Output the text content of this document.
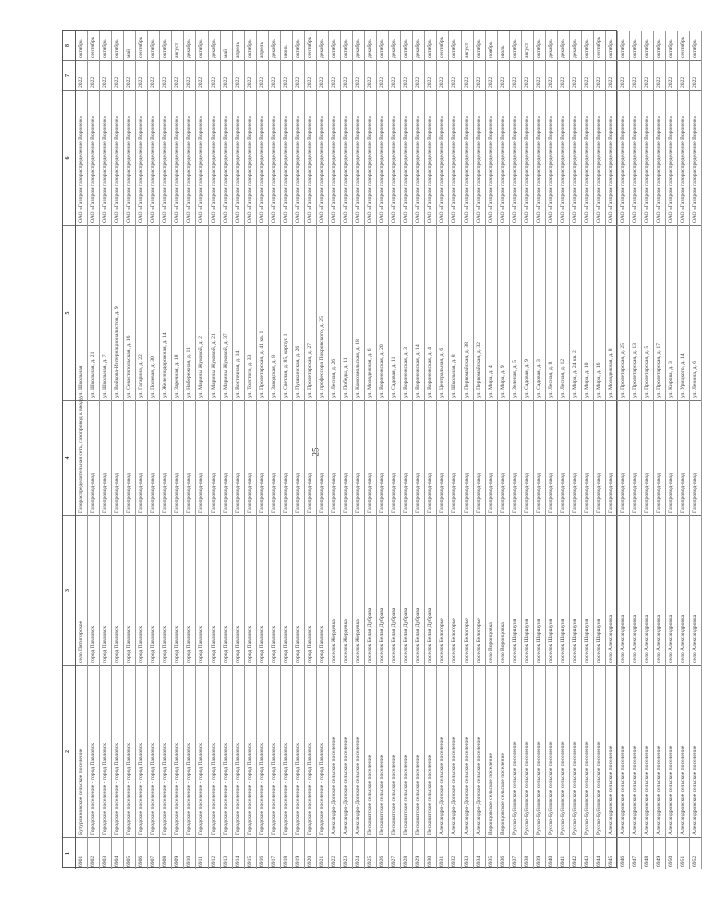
25
1
2
3
4
5
6
7
8
6901
Бутурлиновское сельское поселение
село Пятигорское
Газораспределительная сеть, газопровод к вводу
ул. Школьная
ОАО «Газпром газораспределение Воронеж»
2022
октябрь
6902
Городское поселение - город Павловск
город Павловск
Газопровод-ввод
ул. Школьная, д. 21
ОАО «Газпром газораспределение Воронеж»
2022
сентябрь
6903
Городское поселение - город Павловск
город Павловск
Газопровод-ввод
ул. Школьная, д. 7
ОАО «Газпром газораспределение Воронеж»
2022
октябрь
6904
Городское поселение - город Павловск
город Павловск
Газопровод-ввод
ул. Войкова-Интернационалистов, д. 9
ОАО «Газпром газораспределение Воронеж»
2022
октябрь
6905
Городское поселение - город Павловск
город Павловск
Газопровод-ввод
ул. Севастопольская, д. 16
ОАО «Газпром газораспределение Воронеж»
2022
май
6906
Городское поселение - город Павловск
город Павловск
Газопровод-ввод
ул. Гагарина, д. 22
ОАО «Газпром газораспределение Воронеж»
2022
сентябрь
6907
Городское поселение - город Павловск
город Павловск
Газопровод-ввод
ул. Полевая, д. 30
ОАО «Газпром газораспределение Воронеж»
2022
октябрь
6908
Городское поселение - город Павловск
город Павловск
Газопровод-ввод
ул. Железнодорожная, д. 14
ОАО «Газпром газораспределение Воронеж»
2022
октябрь
6909
Городское поселение - город Павловск
город Павловск
Газопровод-ввод
ул. Заречная, д. 18
ОАО «Газпром газораспределение Воронеж»
2022
август
6910
Городское поселение - город Павловск
город Павловск
Газопровод-ввод
ул. Набережная, д. 11
ОАО «Газпром газораспределение Воронеж»
2022
декабрь
6911
Городское поселение - город Павловск
город Павловск
Газопровод-ввод
ул. Марины Жуковой, д. 2
ОАО «Газпром газораспределение Воронеж»
2022
октябрь
6912
Городское поселение - город Павловск
город Павловск
Газопровод-ввод
ул. Марины Жуковой, д. 21
ОАО «Газпром газораспределение Воронеж»
2022
декабрь
6913
Городское поселение - город Павловск
город Павловск
Газопровод-ввод
ул. Марины Жуковой, д. 37
ОАО «Газпром газораспределение Воронеж»
2022
май
6914
Городское поселение - город Павловск
город Павловск
Газопровод-ввод
ул. Восточная, д. 14
ОАО «Газпром газораспределение Воронеж»
2022
апрель
6915
Городское поселение - город Павловск
город Павловск
Газопровод-ввод
ул. Толстого, д. 33
ОАО «Газпром газораспределение Воронеж»
2022
октябрь
6916
Городское поселение - город Павловск
город Павловск
Газопровод-ввод
ул. Пролетарская, д. 41 кв. 1
ОАО «Газпром газораспределение Воронеж»
2022
апрель
6917
Городское поселение - город Павловск
город Павловск
Газопровод-ввод
ул. Заводская, д. 8
ОАО «Газпром газораспределение Воронеж»
2022
декабрь
6918
Городское поселение - город Павловск
город Павловск
Газопровод-ввод
ул. Светлая, д. 85, корпус 1
ОАО «Газпром газораспределение Воронеж»
2022
июнь
6919
Городское поселение - город Павловск
город Павловск
Газопровод-ввод
ул. Пушкинская, д. 26
ОАО «Газпром газораспределение Воронеж»
2022
октябрь
6920
Городское поселение - город Павловск
город Павловск
Газопровод-ввод
ул. Пролетарская, д. 27
ОАО «Газпром газораспределение Воронеж»
2022
сентябрь
6921
Городское поселение - город Павловск
город Павловск
Газопровод-ввод
ул. профессора Покровского, д. 25
ОАО «Газпром газораспределение Воронеж»
2022
декабрь
6922
Александро-Донское сельское поселение
поселок Жердевка
Газопровод-ввод
ул. Лесная, д. 26
ОАО «Газпром газораспределение Воронеж»
2022
октябрь
6923
Александро-Донское сельское поселение
поселок Жердевка
Газопровод-ввод
ул. Победы, д. 11
ОАО «Газпром газораспределение Воронеж»
2022
октябрь
6924
Александро-Донское сельское поселение
поселок Жердевка
Газопровод-ввод
ул. Комсомольская, д. 18
ОАО «Газпром газораспределение Воронеж»
2022
декабрь
6925
Песковатское сельское поселение
поселок Белая Дубрава
Газопровод-ввод
ул. Молодежная, д. 6
ОАО «Газпром газораспределение Воронеж»
2022
декабрь
6926
Песковатское сельское поселение
поселок Белая Дубрава
Газопровод-ввод
ул. Воронежская, д. 20
ОАО «Газпром газораспределение Воронеж»
2022
октябрь
6927
Песковатское сельское поселение
поселок Белая Дубрава
Газопровод-ввод
ул. Садовая, д. 11
ОАО «Газпром газораспределение Воронеж»
2022
декабрь
6928
Песковатское сельское поселение
поселок Белая Дубрава
Газопровод-ввод
ул. Воронежская, д. 3
ОАО «Газпром газораспределение Воронеж»
2022
октябрь
6929
Песковатское сельское поселение
поселок Белая Дубрава
Газопровод-ввод
ул. Воронежская, д. 14
ОАО «Газпром газораспределение Воронеж»
2022
декабрь
6930
Песковатское сельское поселение
поселок Белая Дубрава
Газопровод-ввод
ул. Воронежская, д. 4
ОАО «Газпром газораспределение Воронеж»
2022
октябрь
6931
Александро-Донское сельское поселение
поселок Белогорье
Газопровод-ввод
ул. Центральная, д. 6
ОАО «Газпром газораспределение Воронеж»
2022
сентябрь
6932
Александро-Донское сельское поселение
поселок Белогорье
Газопровод-ввод
ул. Школьная, д. 8
ОАО «Газпром газораспределение Воронеж»
2022
октябрь
6933
Александро-Донское сельское поселение
поселок Белогорье
Газопровод-ввод
ул. Первомайская, д. 38
ОАО «Газпром газораспределение Воронеж»
2022
август
6934
Александро-Донское сельское поселение
поселок Белогорье
Газопровод-ввод
ул. Первомайская, д. 32
ОАО «Газпром газораспределение Воронеж»
2022
октябрь
6935
Воронцовское сельское поселение
село Воронцовка
Газопровод-ввод
ул. Мира, д. 4
ОАО «Газпром газораспределение Воронеж»
2022
ноябрь
6936
Воронцовское сельское поселение
село Воронцовка
Газопровод-ввод
ул. Мира, д. 9
ОАО «Газпром газораспределение Воронеж»
2022
июль
6937
Русско-Буйловское сельское поселение
поселок Шаршуня
Газопровод-ввод
ул. Зеленая, д. 5
ОАО «Газпром газораспределение Воронеж»
2022
октябрь
6938
Русско-Буйловское сельское поселение
поселок Шаршуня
Газопровод-ввод
ул. Садовая, д. 9
ОАО «Газпром газораспределение Воронеж»
2022
август
6939
Русско-Буйловское сельское поселение
поселок Шаршуня
Газопровод-ввод
ул. Садовая, д. 3
ОАО «Газпром газораспределение Воронеж»
2022
октябрь
6940
Русско-Буйловское сельское поселение
поселок Шаршуня
Газопровод-ввод
ул. Лесная, д. 8
ОАО «Газпром газораспределение Воронеж»
2022
декабрь
6941
Русско-Буйловское сельское поселение
поселок Шаршуня
Газопровод-ввод
ул. Лесная, д. 12
ОАО «Газпром газораспределение Воронеж»
2022
декабрь
6942
Русско-Буйловское сельское поселение
поселок Шаршуня
Газопровод-ввод
ул. Мира, д. 24 кв. 2
ОАО «Газпром газораспределение Воронеж»
2022
декабрь
6943
Русско-Буйловское сельское поселение
поселок Шаршуня
Газопровод-ввод
ул. Мира, д. 10
ОАО «Газпром газораспределение Воронеж»
2022
октябрь
6944
Русско-Буйловское сельское поселение
поселок Шаршуня
Газопровод-ввод
ул. Мира, д. 16
ОАО «Газпром газораспределение Воронеж»
2022
сентябрь
6945
Александровское сельское поселение
село Александровка
Газопровод-ввод
ул. Молодежная, д. 8
ОАО «Газпром газораспределение Воронеж»
2022
октябрь
6946
Александровское сельское поселение
село Александровка
Газопровод-ввод
ул. Пролетарская, д. 25
ОАО «Газпром газораспределение Воронеж»
2022
октябрь
6947
Александровское сельское поселение
село Александровка
Газопровод-ввод
ул. Пролетарская, д. 13
ОАО «Газпром газораспределение Воронеж»
2022
октябрь
6948
Александровское сельское поселение
село Александровка
Газопровод-ввод
ул. Пролетарская, д. 5
ОАО «Газпром газораспределение Воронеж»
2022
октябрь
6949
Александровское сельское поселение
село Александровка
Газопровод-ввод
ул. Пролетарская, д. 17
ОАО «Газпром газораспределение Воронеж»
2022
октябрь
6950
Александровское сельское поселение
село Александровка
Газопровод-ввод
ул. Кирова, д. 3
ОАО «Газпром газораспределение Воронеж»
2022
октябрь
6951
Александровское сельское поселение
село Александровка
Газопровод-ввод
ул. Урицкого, д. 14
ОАО «Газпром газораспределение Воронеж»
2022
сентябрь
6952
Александровское сельское поселение
село Александровка
Газопровод-ввод
ул. Ленина, д. 6
ОАО «Газпром газораспределение Воронеж»
2022
октябрь
